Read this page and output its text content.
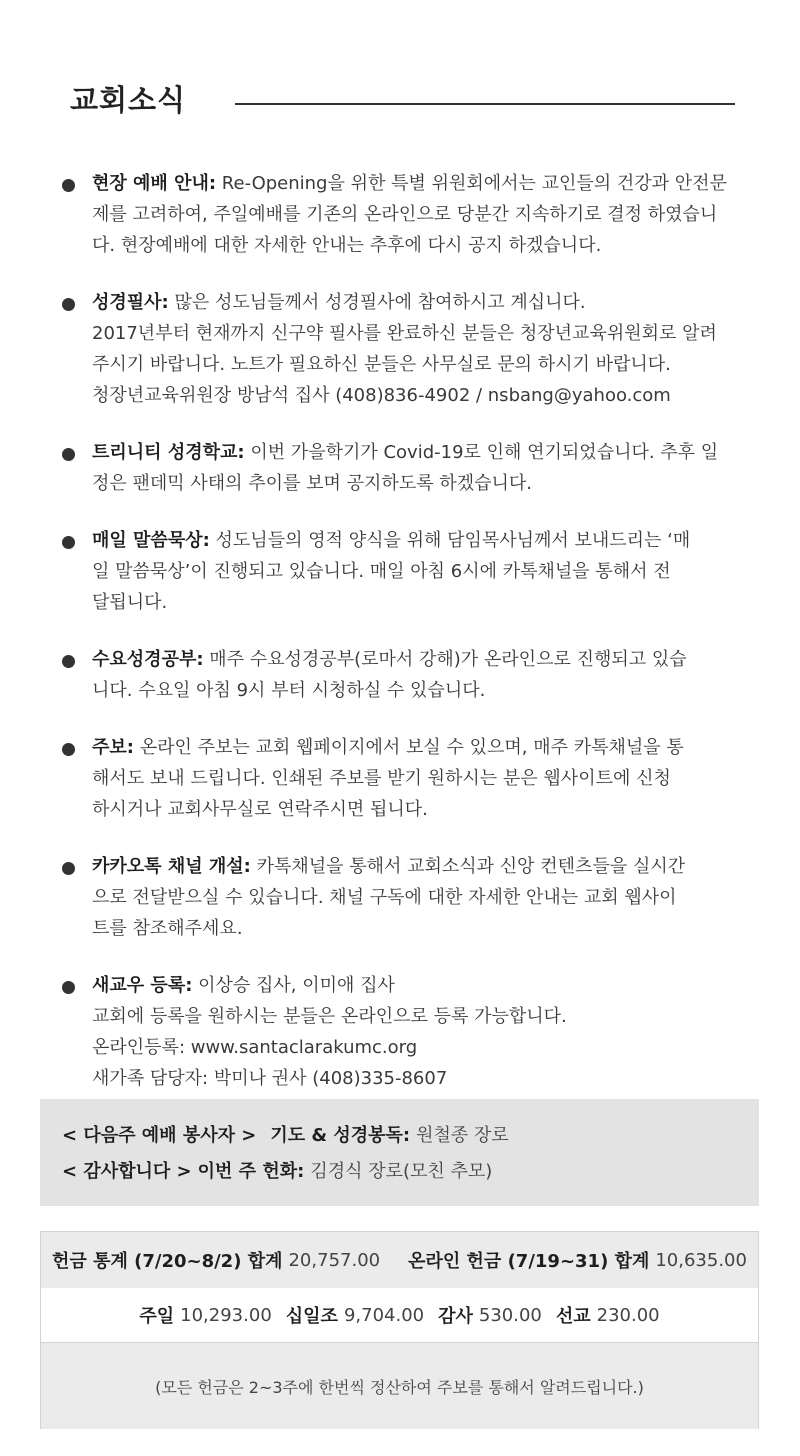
교회소식
현장 예배 안내: Re-Opening을 위한 특별 위원회에서는 교인들의 건강과 안전문
제를 고려하여, 주일예배를 기존의 온라인으로 당분간 지속하기로 결정 하였습니
다. 현장예배에 대한 자세한 안내는 추후에 다시 공지 하겠습니다.
성경필사: 많은 성도님들께서 성경필사에 참여하시고 계십니다.
2017년부터 현재까지 신구약 필사를 완료하신 분들은 청장년교육위원회로 알려
주시기 바랍니다. 노트가 필요하신 분들은 사무실로 문의 하시기 바랍니다.
청장년교육위원장 방남석 집사 (408)836-4902 / nsbang@yahoo.com
트리니티 성경학교: 이번 가을학기가 Covid-19로 인해 연기되었습니다. 추후 일
정은 팬데믹 사태의 추이를 보며 공지하도록 하겠습니다.
매일 말씀묵상: 성도님들의 영적 양식을 위해 담임목사님께서 보내드리는 ‘매
일 말씀묵상’이 진행되고 있습니다. 매일 아침 6시에 카톡채널을 통해서 전
달됩니다.
수요성경공부: 매주 수요성경공부(로마서 강해)가 온라인으로 진행되고 있습
니다. 수요일 아침 9시 부터 시청하실 수 있습니다.
주보: 온라인 주보는 교회 웹페이지에서 보실 수 있으며, 매주 카톡채널을 통
해서도 보내 드립니다. 인쇄된 주보를 받기 원하시는 분은 웹사이트에 신청
하시거나 교회사무실로 연락주시면 됩니다.
카카오톡 채널 개설: 카톡채널을 통해서 교회소식과 신앙 컨텐츠들을 실시간
으로 전달받으실 수 있습니다. 채널 구독에 대한 자세한 안내는 교회 웹사이
트를 참조해주세요.
새교우 등록: 이상승 집사, 이미애 집사
교회에 등록을 원하시는 분들은 온라인으로 등록 가능합니다.
온라인등록: www.santaclarakumc.org
새가족 담당자: 박미나 권사 (408)335-8607
< 다음주 예배 봉사자 > 기도 & 성경봉독: 원철종 장로
< 감사합니다 > 이번 주 헌화: 김경식 장로(모친 추모)
헌금 통계 (7/20~8/2) 합계 20,757.00 온라인 헌금 (7/19~31) 합계 10,635.00
주일 10,293.00 십일조 9,704.00 감사 530.00 선교 230.00
(모든 헌금은 2~3주에 한번씩 정산하여 주보를 통해서 알려드립니다.)
